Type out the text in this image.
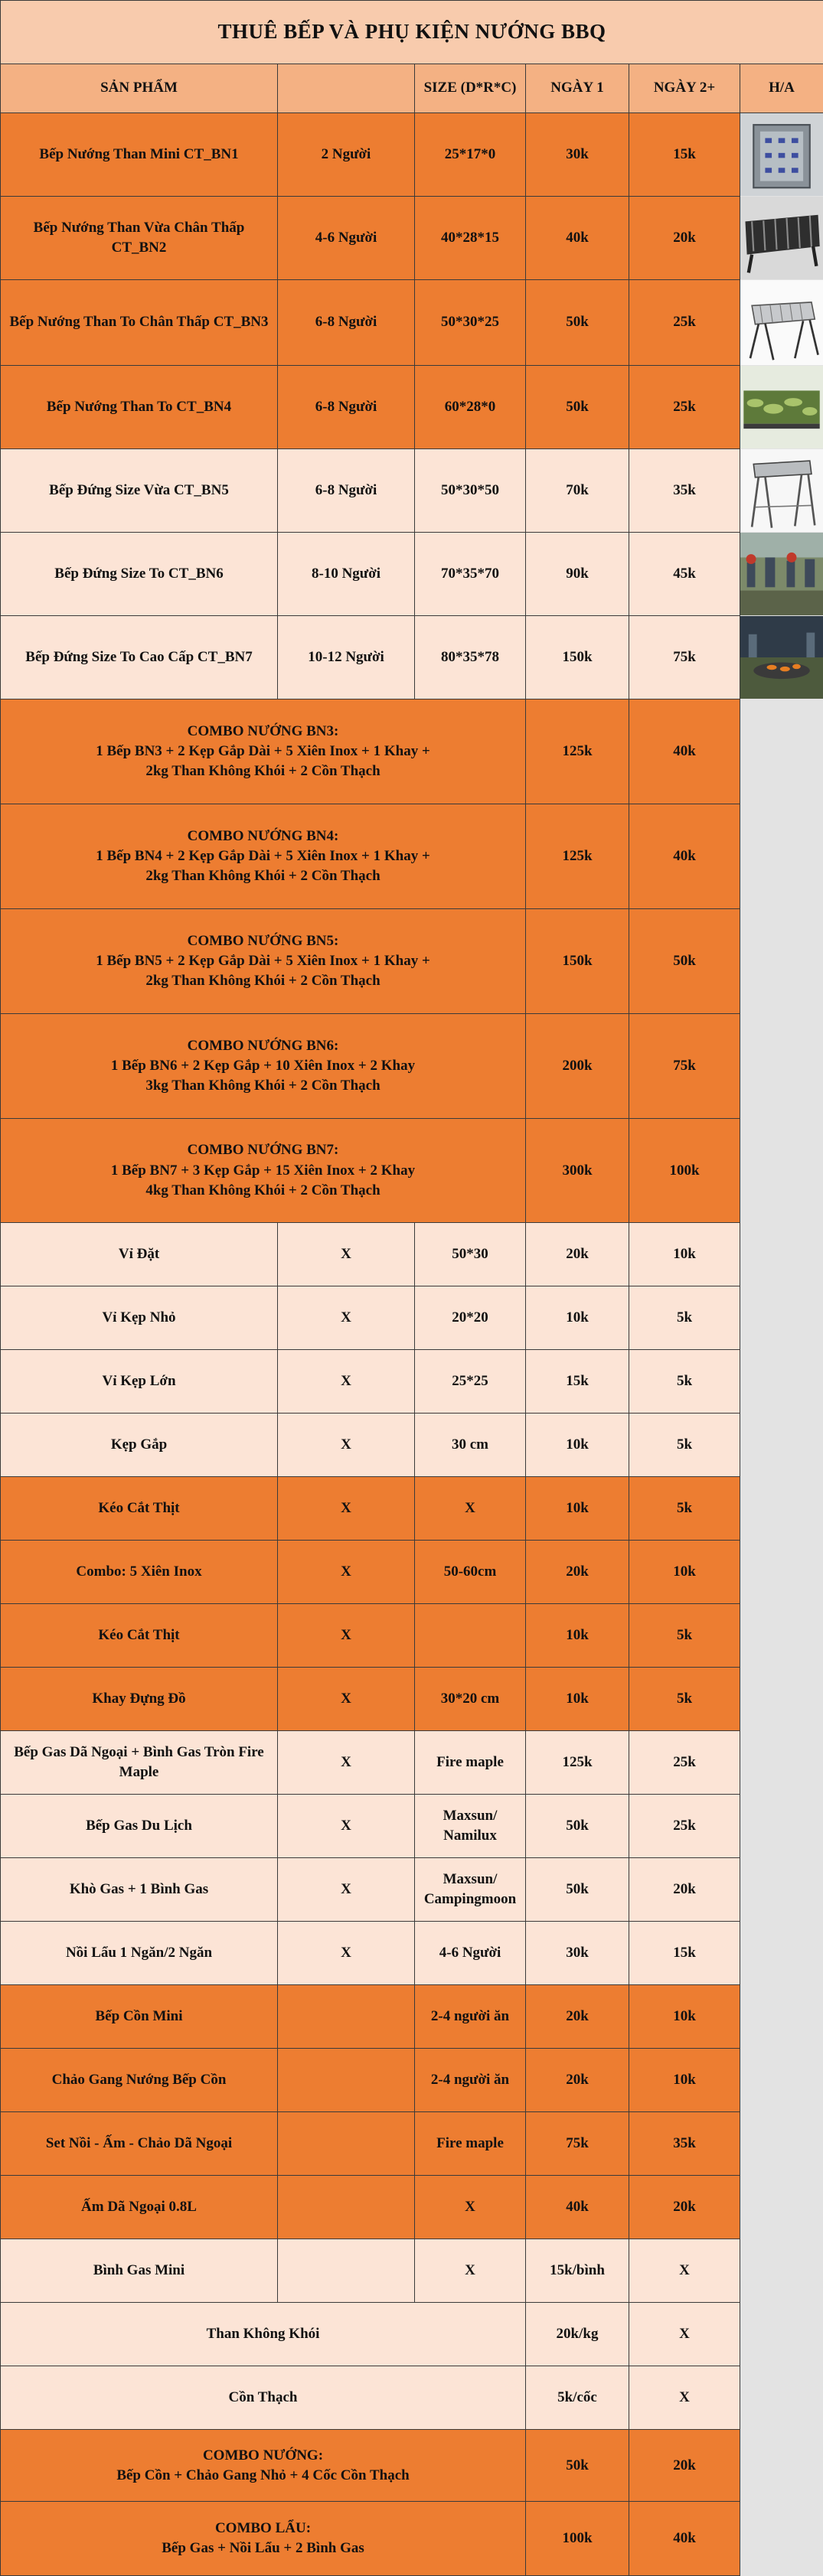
THUÊ BẾP VÀ PHỤ KIỆN NƯỚNG BBQ					
SẢN PHẨM		SIZE (D*R*C)	NGÀY 1	NGÀY 2+	H/A
Bếp Nướng Than Mini CT_BN1	2 Người	25*17*0	30k	15k	

Bếp Nướng Than Vừa Chân Thấp CT_BN2	4-6 Người	40*28*15	40k	20k	

Bếp Nướng Than To Chân Thấp CT_BN3	6-8 Người	50*30*25	50k	25k	

Bếp Nướng Than To CT_BN4	6-8 Người	60*28*0	50k	25k	

Bếp Đứng Size Vừa CT_BN5	6-8 Người	50*30*50	70k	35k	

Bếp Đứng Size To CT_BN6	8-10 Người	70*35*70	90k	45k	

Bếp Đứng Size To Cao Cấp CT_BN7	10-12 Người	80*35*78	150k	75k	

COMBO NƯỚNG BN3:
1 Bếp BN3 + 2 Kẹp Gắp Dài + 5 Xiên Inox + 1 Khay +
2kg Than Không Khói + 2 Cồn Thạch			125k	40k	
COMBO NƯỚNG BN4:
1 Bếp BN4 + 2 Kẹp Gắp Dài + 5 Xiên Inox + 1 Khay +
2kg Than Không Khói + 2 Cồn Thạch			125k	40k	
COMBO NƯỚNG BN5:
1 Bếp BN5 + 2 Kẹp Gắp Dài + 5 Xiên Inox + 1 Khay +
2kg Than Không Khói + 2 Cồn Thạch			150k	50k	
COMBO NƯỚNG BN6:
1 Bếp BN6 + 2 Kẹp Gắp + 10 Xiên Inox + 2 Khay
3kg Than Không Khói + 2 Cồn Thạch			200k	75k	
COMBO NƯỚNG BN7:
1 Bếp BN7 + 3 Kẹp Gắp + 15 Xiên Inox + 2 Khay
4kg Than Không Khói + 2 Cồn Thạch			300k	100k	
Vỉ Đặt	X	50*30	20k	10k	
Vỉ Kẹp Nhỏ	X	20*20	10k	5k	
Vỉ Kẹp Lớn	X	25*25	15k	5k	
Kẹp Gắp	X	30 cm	10k	5k	
Kéo Cắt Thịt	X	X	10k	5k	
Combo: 5 Xiên Inox	X	50-60cm	20k	10k	
Kéo Cắt Thịt	X		10k	5k	
Khay Đựng Đồ	X	30*20 cm	10k	5k	
Bếp Gas Dã Ngoại + Bình Gas Tròn Fire Maple	X	Fire maple	125k	25k	
Bếp Gas Du Lịch	X	Maxsun/ Namilux	50k	25k	
Khò Gas + 1 Bình Gas	X	Maxsun/ Campingmoon	50k	20k	
Nồi Lẩu 1 Ngăn/2 Ngăn	X	4-6 Người	30k	15k	
Bếp Cồn Mini		2-4 người ăn	20k	10k	
Chảo Gang Nướng Bếp Cồn		2-4 người ăn	20k	10k	
Set Nồi - Ấm - Chảo Dã Ngoại		Fire maple	75k	35k	
Ấm Dã Ngoại 0.8L		X	40k	20k	
Bình Gas Mini		X	15k/bình	X	
Than Không Khói			20k/kg	X	
Cồn Thạch			5k/cốc	X	
COMBO NƯỚNG:
Bếp Cồn + Chảo Gang Nhỏ + 4 Cốc Cồn Thạch			50k	20k	
COMBO LẨU:
Bếp Gas + Nồi Lẩu + 2 Bình Gas			100k	40k	
